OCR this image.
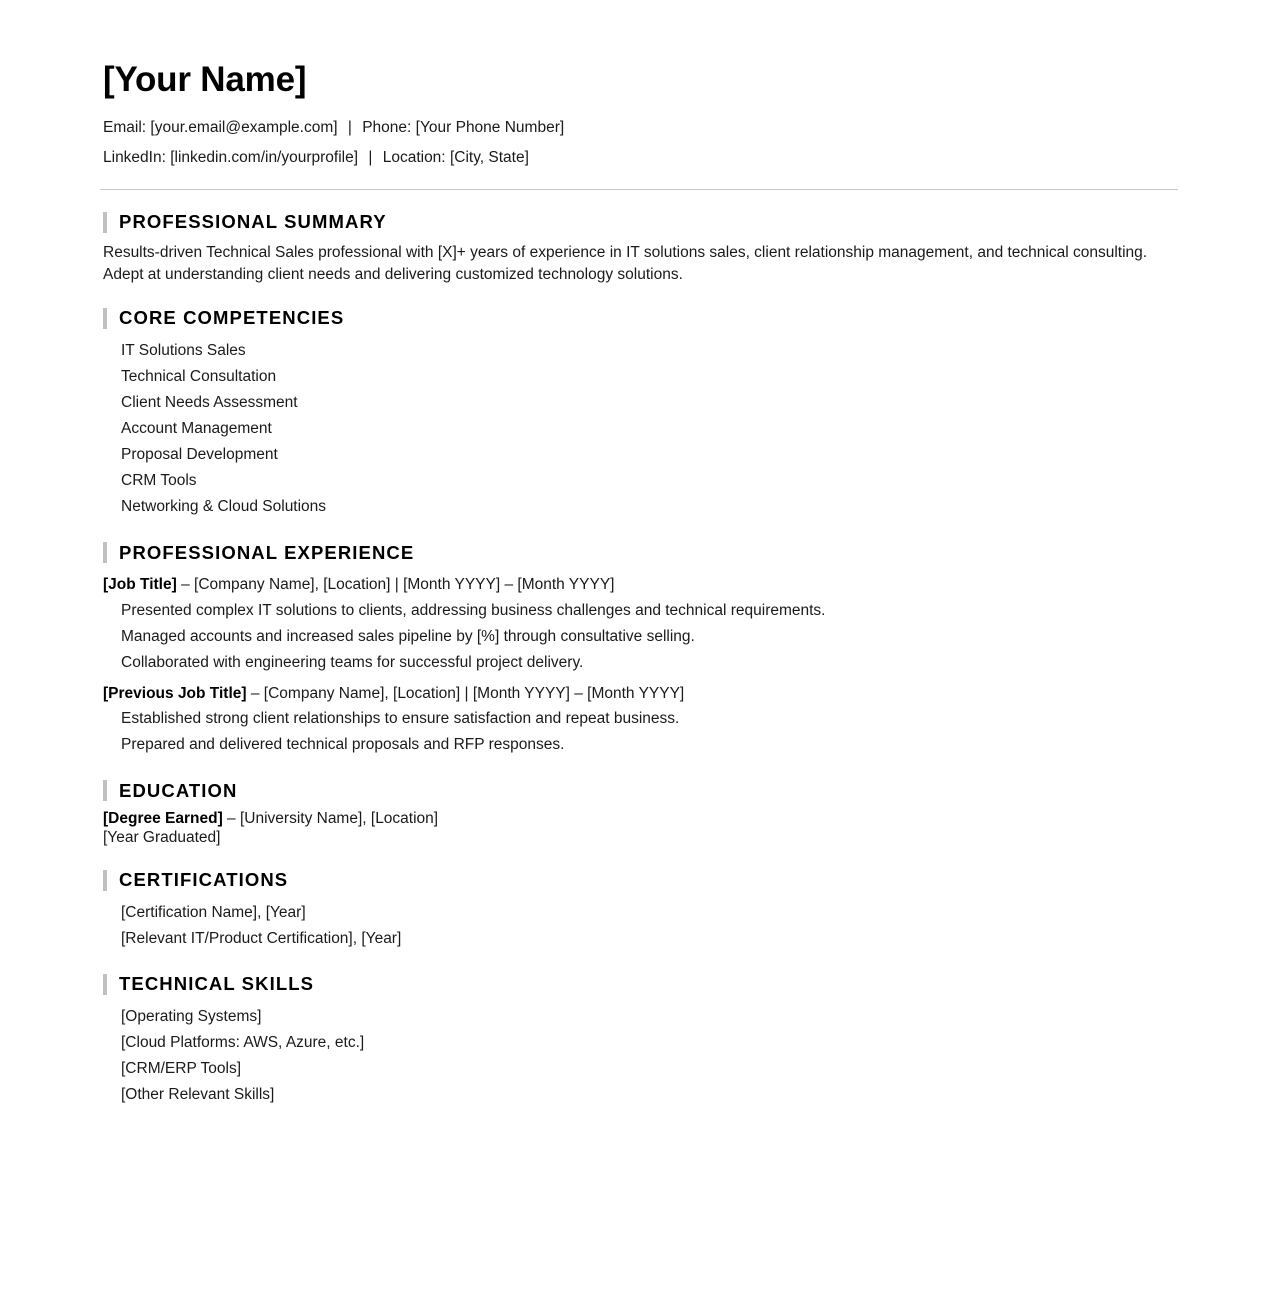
[Your Name]
Email: [your.email@example.com] | Phone: [Your Phone Number]
LinkedIn: [linkedin.com/in/yourprofile] | Location: [City, State]
PROFESSIONAL SUMMARY

Results-driven Technical Sales professional with [X]+ years of experience in IT solutions sales, client relationship management, and technical consulting. Adept at understanding client needs and delivering customized technology solutions.

CORE COMPETENCIES
IT Solutions Sales
Technical Consultation
Client Needs Assessment
Account Management
Proposal Development
CRM Tools
Networking & Cloud Solutions
PROFESSIONAL EXPERIENCE

[Job Title] – [Company Name], [Location] | [Month YYYY] – [Month YYYY]

Presented complex IT solutions to clients, addressing business challenges and technical requirements.
Managed accounts and increased sales pipeline by [%] through consultative selling.
Collaborated with engineering teams for successful project delivery.

[Previous Job Title] – [Company Name], [Location] | [Month YYYY] – [Month YYYY]

Established strong client relationships to ensure satisfaction and repeat business.
Prepared and delivered technical proposals and RFP responses.
EDUCATION

[Degree Earned] – [University Name], [Location]

[Year Graduated]

CERTIFICATIONS
[Certification Name], [Year]
[Relevant IT/Product Certification], [Year]
TECHNICAL SKILLS
[Operating Systems]
[Cloud Platforms: AWS, Azure, etc.]
[CRM/ERP Tools]
[Other Relevant Skills]
